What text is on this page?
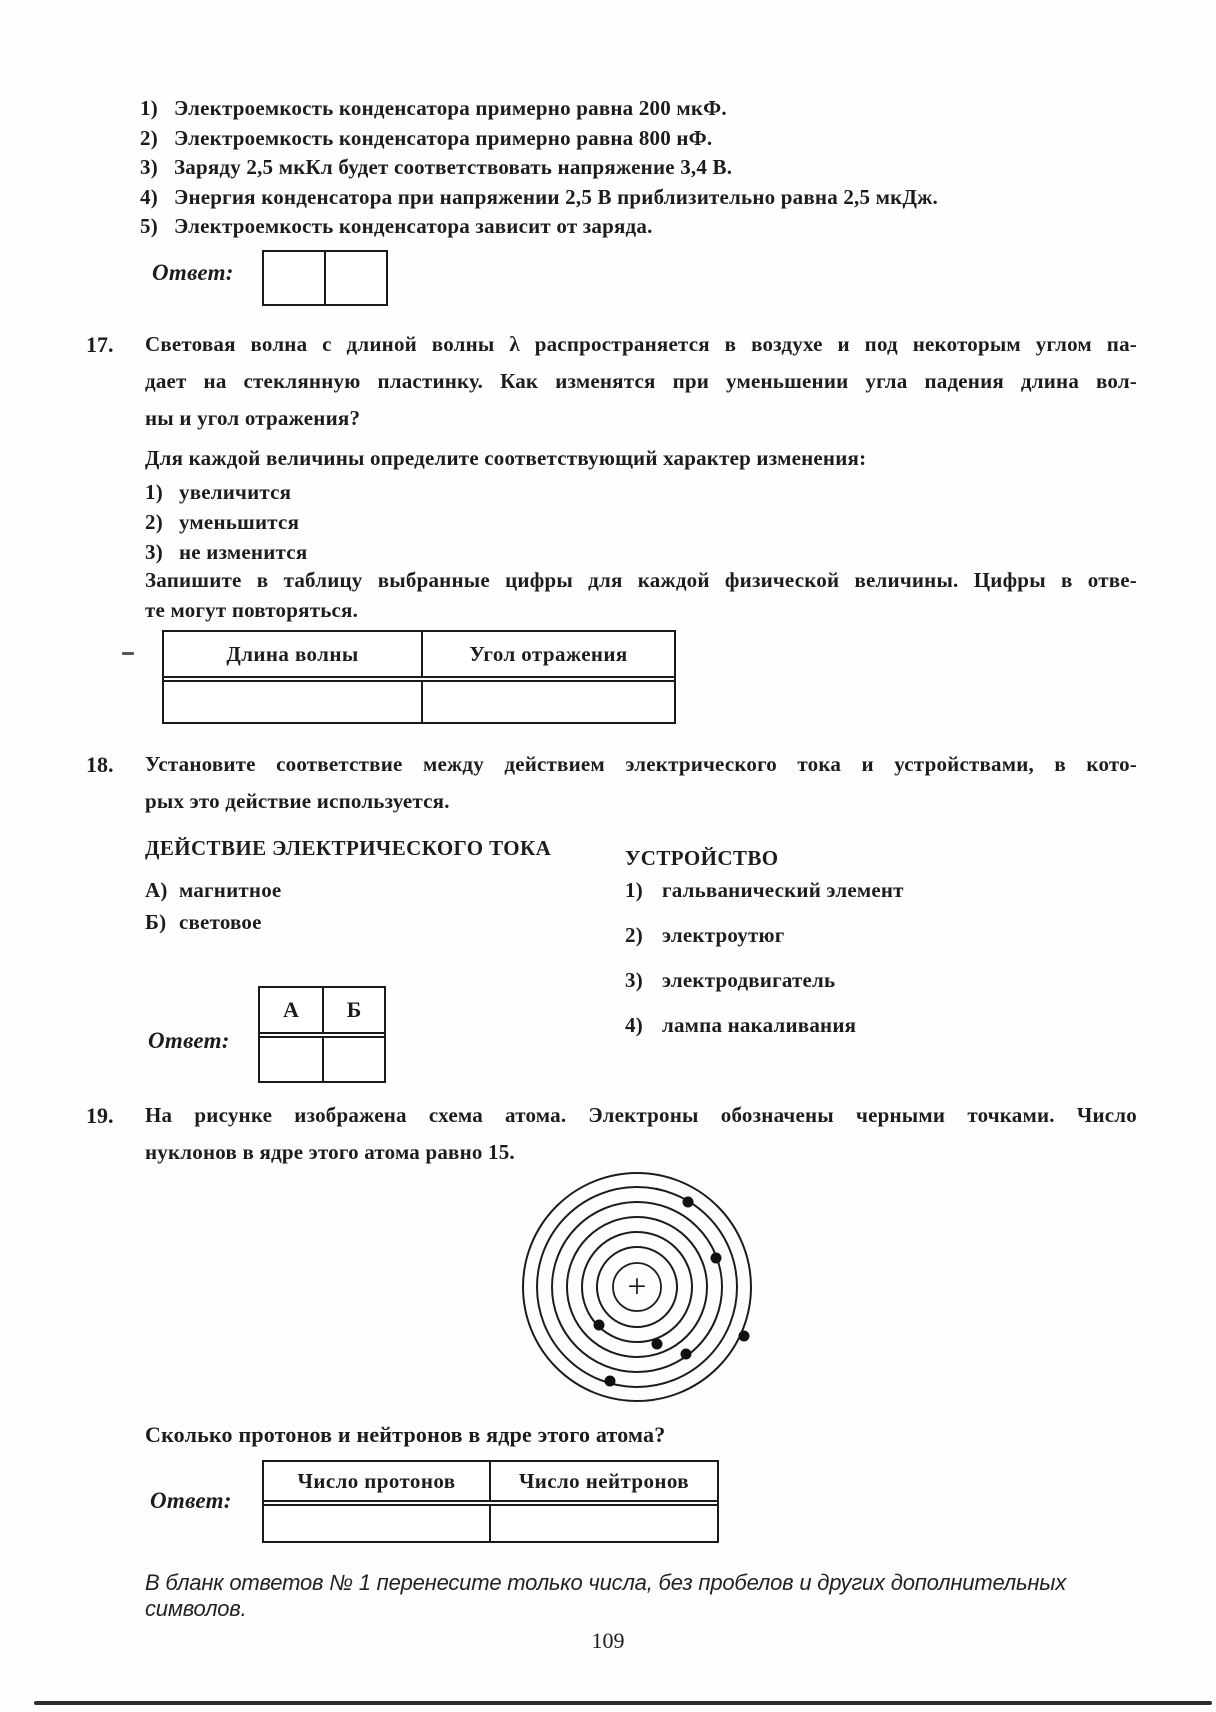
1) Электроемкость конденсатора примерно равна 200 мкФ.
2) Электроемкость конденсатора примерно равна 800 нФ.
3) Заряду 2,5 мкКл будет соответствовать напряжение 3,4 В.
4) Энергия конденсатора при напряжении 2,5 В приблизительно равна 2,5 мкДж.
5) Электроемкость конденсатора зависит от заряда.
Ответ:
17. Световая волна с длиной волны λ распространяется в воздухе и под некоторым углом па-
дает на стеклянную пластинку. Как изменятся при уменьшении угла падения длина вол-
ны и угол отражения?
Для каждой величины определите соответствующий характер изменения:
1) увеличится
2) уменьшится
3) не изменится
Запишите в таблицу выбранные цифры для каждой физической величины. Цифры в отве-
те могут повторяться.
Длина волны	Угол отражения
18. Установите соответствие между действием электрического тока и устройствами, в кото-
рых это действие используется.
ДЕЙСТВИЕ ЭЛЕКТРИЧЕСКОГО ТОКА	УСТРОЙСТВО
А) магнитное
Б) световое
1) гальванический элемент
2) электроутюг
3) электродвигатель
4) лампа накаливания
Ответ:
А	Б
19. На рисунке изображена схема атома. Электроны обозначены черными точками. Число
нуклонов в ядре этого атома равно 15.
+
Сколько протонов и нейтронов в ядре этого атома?
Ответ:
Число протонов	Число нейтронов
В бланк ответов № 1 перенесите только числа, без пробелов и других дополнительных символов.
109
